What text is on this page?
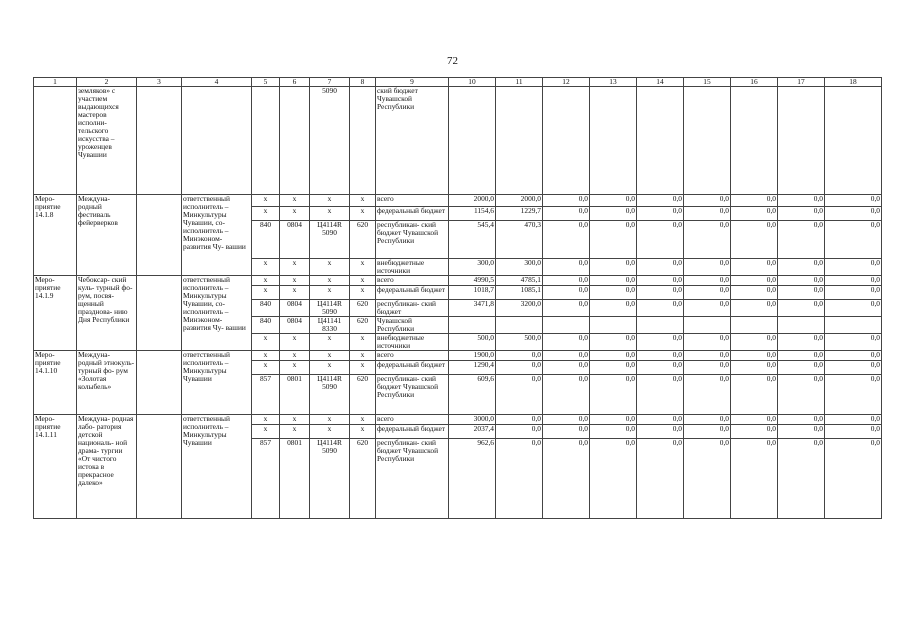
72
1	2	3	4	5	6	7	8	9	10	11	12	13	14	15	16	17	18
	земляков» с участием выдающихся мастеров исполни- тельского искусства – уроженцев Чувашии					5090		ский бюджет Чувашской Республики									
Меро- приятие 14.1.8	Междуна- родный фестиваль фейерверков		ответственный исполнитель – Минкультуры Чувашии, со- исполнитель – Минэконом- развития Чу- вашии	x	x	x	x	всего	2000,0	2000,0	0,0	0,0	0,0	0,0	0,0	0,0	0,0
				x	x	x	x	федеральный бюджет	1154,6	1229,7	0,0	0,0	0,0	0,0	0,0	0,0	0,0
				840	0804	Ц4114R 5090	620	республикан- ский бюджет Чувашской Республики	545,4	470,3	0,0	0,0	0,0	0,0	0,0	0,0	0,0
				x	x	x	x	внебюджетные источники	300,0	300,0	0,0	0,0	0,0	0,0	0,0	0,0	0,0
Меро- приятие 14.1.9	Чебоксар- ский куль- турный фо- рум, посвя- щенный празднова- нию Дня Республики		ответственный исполнитель – Минкультуры Чувашии, со- исполнитель – Минэконом- развития Чу- вашии	x	x	x	x	всего	4990,5	4785,1	0,0	0,0	0,0	0,0	0,0	0,0	0,0
				x	x	x	x	федеральный бюджет	1018,7	1085,1	0,0	0,0	0,0	0,0	0,0	0,0	0,0
				840	0804	Ц4114R 5090	620	республикан- ский бюджет	3471,8	3200,0	0,0	0,0	0,0	0,0	0,0	0,0	0,0
				840	0804	Ц41141 8330	620	Чувашской Республики									
				x	x	x	x	внебюджетные источники	500,0	500,0	0,0	0,0	0,0	0,0	0,0	0,0	0,0
Меро- приятие 14.1.10	Междуна- родный этнокуль- турный фо- рум «Золотая колыбель»		ответственный исполнитель – Минкультуры Чувашии	x	x	x	x	всего	1900,0	0,0	0,0	0,0	0,0	0,0	0,0	0,0	0,0
				x	x	x	x	федеральный бюджет	1290,4	0,0	0,0	0,0	0,0	0,0	0,0	0,0	0,0
				857	0801	Ц4114R 5090	620	республикан- ский бюджет Чувашской Республики	609,6	0,0	0,0	0,0	0,0	0,0	0,0	0,0	0,0
Меро- приятие 14.1.11	Междуна- родная лабо- ратория детской националь- ной драма- тургии «От чистого истока в прекрасное далеко»		ответственный исполнитель – Минкультуры Чувашии	x	x	x	x	всего	3000,0	0,0	0,0	0,0	0,0	0,0	0,0	0,0	0,0
				x	x	x	x	федеральный бюджет	2037,4	0,0	0,0	0,0	0,0	0,0	0,0	0,0	0,0
				857	0801	Ц4114R 5090	620	республикан- ский бюджет Чувашской Республики	962,6	0,0	0,0	0,0	0,0	0,0	0,0	0,0	0,0
